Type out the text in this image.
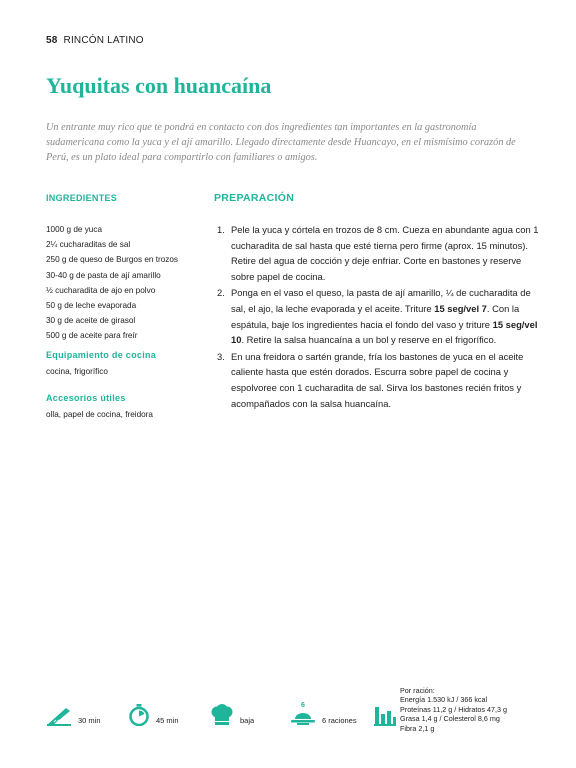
58 RINCÓN LATINO
Yuquitas con huancaína

Un entrante muy rico que te pondrá en contacto con dos ingredientes tan importantes en la gastronomía sudamericana como la yuca y el ají amarillo. Llegado directamente desde Huancayo, en el mismísimo corazón de Perú, es un plato ideal para compartirlo con familiares o amigos.

INGREDIENTES
1000 g de yuca
2¼ cucharaditas de sal
250 g de queso de Burgos en trozos
30-40 g de pasta de ají amarillo
½ cucharadita de ajo en polvo
50 g de leche evaporada
30 g de aceite de girasol
500 g de aceite para freír
Equipamiento de cocina
cocina, frigorífico
Accesorios útiles
olla, papel de cocina, freidora
PREPARACIÓN
1. Pele la yuca y córtela en trozos de 8 cm. Cueza en abundante agua con 1 cucharadita de sal hasta que esté tierna pero firme (aprox. 15 minutos). Retire del agua de cocción y deje enfriar. Corte en bastones y reserve sobre papel de cocina.
2. Ponga en el vaso el queso, la pasta de ají amarillo, ¼ de cucharadita de sal, el ajo, la leche evaporada y el aceite. Triture 15 seg/vel 7. Con la espátula, baje los ingredientes hacia el fondo del vaso y triture 15 seg/vel 10. Retire la salsa huancaína a un bol y reserve en el frigorífico.
3. En una freidora o sartén grande, fría los bastones de yuca en el aceite caliente hasta que estén dorados. Escurra sobre papel de cocina y espolvoree con 1 cucharadita de sal. Sirva los bastones recién fritos y acompañados con la salsa huancaína.
30 min	45 min	baja
6
6 raciones
Por ración:
Energía 1.530 kJ / 366 kcal
Proteínas 11,2 g / Hidratos 47,3 g
Grasa 1,4 g / Colesterol 8,6 mg
Fibra 2,1 g
